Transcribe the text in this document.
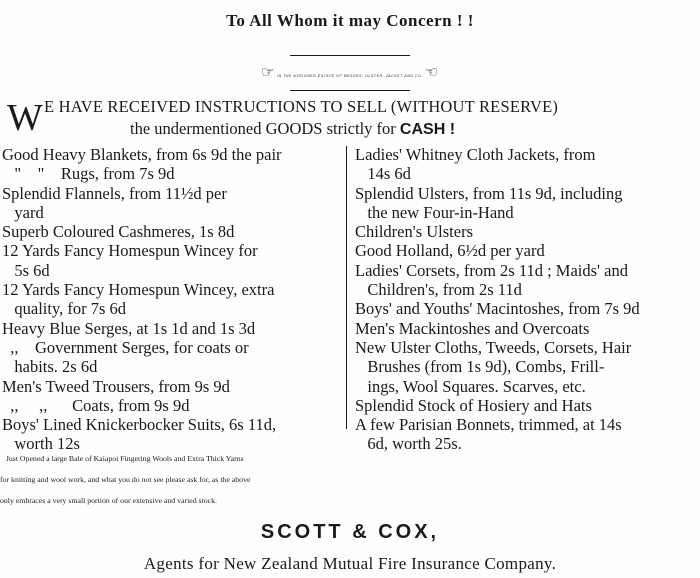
To All Whom it may Concern ! !
☞ IN THE ASSIGNED ESTATE OF MESSRS. ULSTER, JACKET AND CO. ☜
W E HAVE RECEIVED INSTRUCTIONS TO SELL (WITHOUT RESERVE)
the undermentioned GOODS strictly for CASH !
Good Heavy Blankets, from 6s 9d the pair
"    "    Rugs, from 7s 9d
Splendid Flannels, from 11½d per
yard
Superb Coloured Cashmeres, 1s 8d
12 Yards Fancy Homespun Wincey for
5s 6d
12 Yards Fancy Homespun Wincey, extra
quality, for 7s 6d
Heavy Blue Serges, at 1s 1d and 1s 3d
,,    Government Serges, for coats or
habits. 2s 6d
Men's Tweed Trousers, from 9s 9d
,,     ,,      Coats, from 9s 9d
Boys' Lined Knickerbocker Suits, 6s 11d,
worth 12s
Ladies' Whitney Cloth Jackets, from
14s 6d
Splendid Ulsters, from 11s 9d, including
the new Four-in-Hand
Children's Ulsters
Good Holland, 6½d per yard
Ladies' Corsets, from 2s 11d ; Maids' and
Children's, from 2s 11d
Boys' and Youths' Macintoshes, from 7s 9d
Men's Mackintoshes and Overcoats
New Ulster Cloths, Tweeds, Corsets, Hair
Brushes (from 1s 9d), Combs, Frill-
ings, Wool Squares. Scarves, etc.
Splendid Stock of Hosiery and Hats
A few Parisian Bonnets, trimmed, at 14s
6d, worth 25s.
Just Opened a large Bale of Kaiapoi Fingering Wools and Extra Thick Yarns
for knitting and wool work, and what you do not see please ask for, as the above
only embraces a very small portion of our extensive and varied stock.
SCOTT & COX,
Agents for New Zealand Mutual Fire Insurance Company.
